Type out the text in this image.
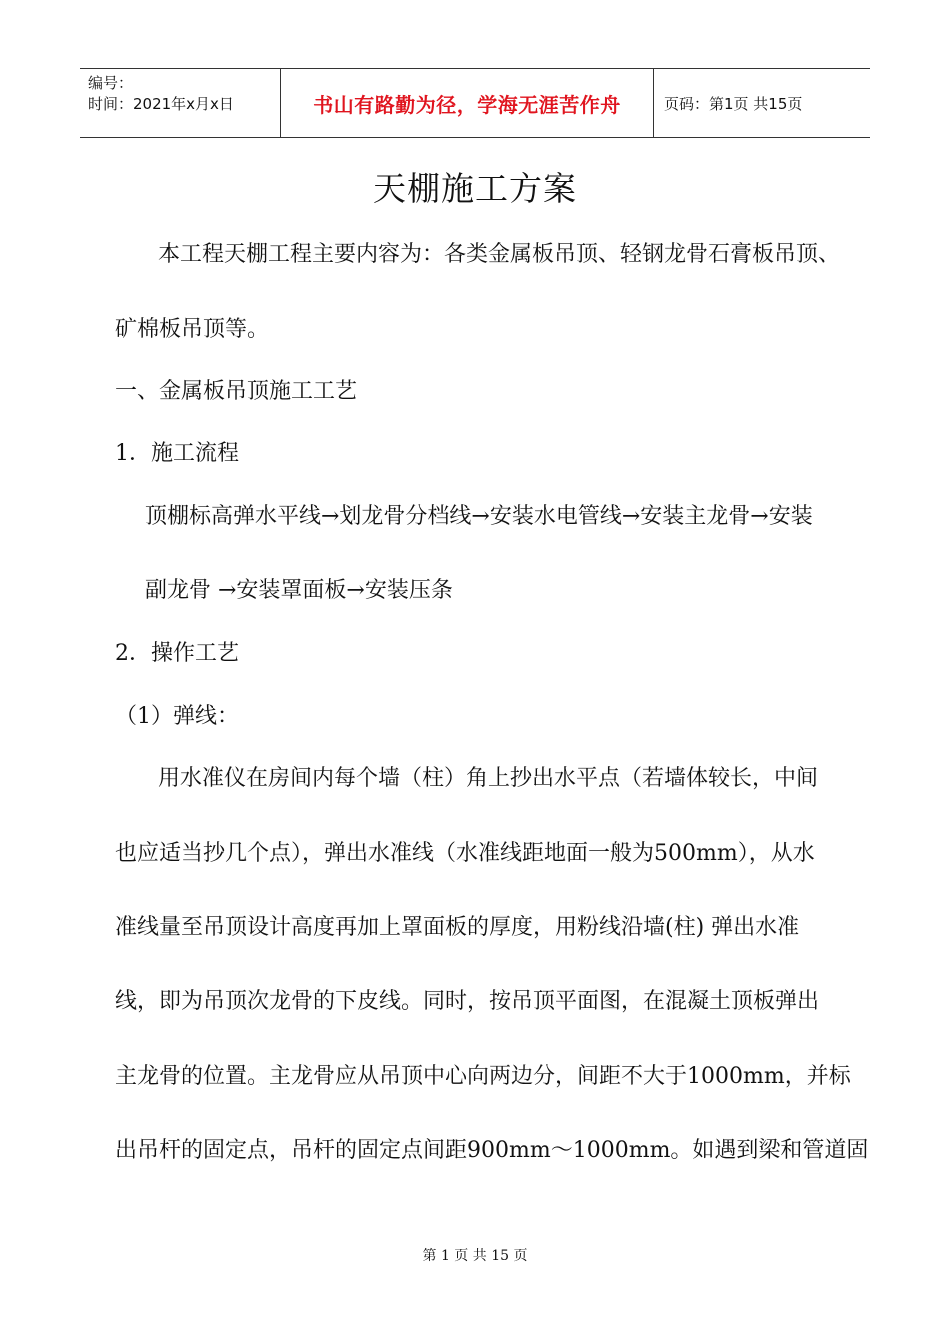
编号：
时间：2021年x月x日	书山有路勤为径，学海无涯苦作舟	页码：第1页 共15页
天棚施工方案
本工程天棚工程主要内容为：各类金属板吊顶、轻钢龙骨石膏板吊顶、
矿棉板吊顶等。
一、金属板吊顶施工工艺
1．施工流程
顶棚标高弹水平线→划龙骨分档线→安装水电管线→安装主龙骨→安装
副龙骨 →安装罩面板→安装压条
2．操作工艺
（1）弹线：
用水准仪在房间内每个墙（柱）角上抄出水平点（若墙体较长，中间
也应适当抄几个点），弹出水准线（水准线距地面一般为500mm），从水
准线量至吊顶设计高度再加上罩面板的厚度，用粉线沿墙(柱) 弹出水准
线，即为吊顶次龙骨的下皮线。同时，按吊顶平面图，在混凝土顶板弹出
主龙骨的位置。主龙骨应从吊顶中心向两边分，间距不大于1000mm，并标
出吊杆的固定点，吊杆的固定点间距900mm～1000mm。如遇到梁和管道固
第 1 页 共 15 页
